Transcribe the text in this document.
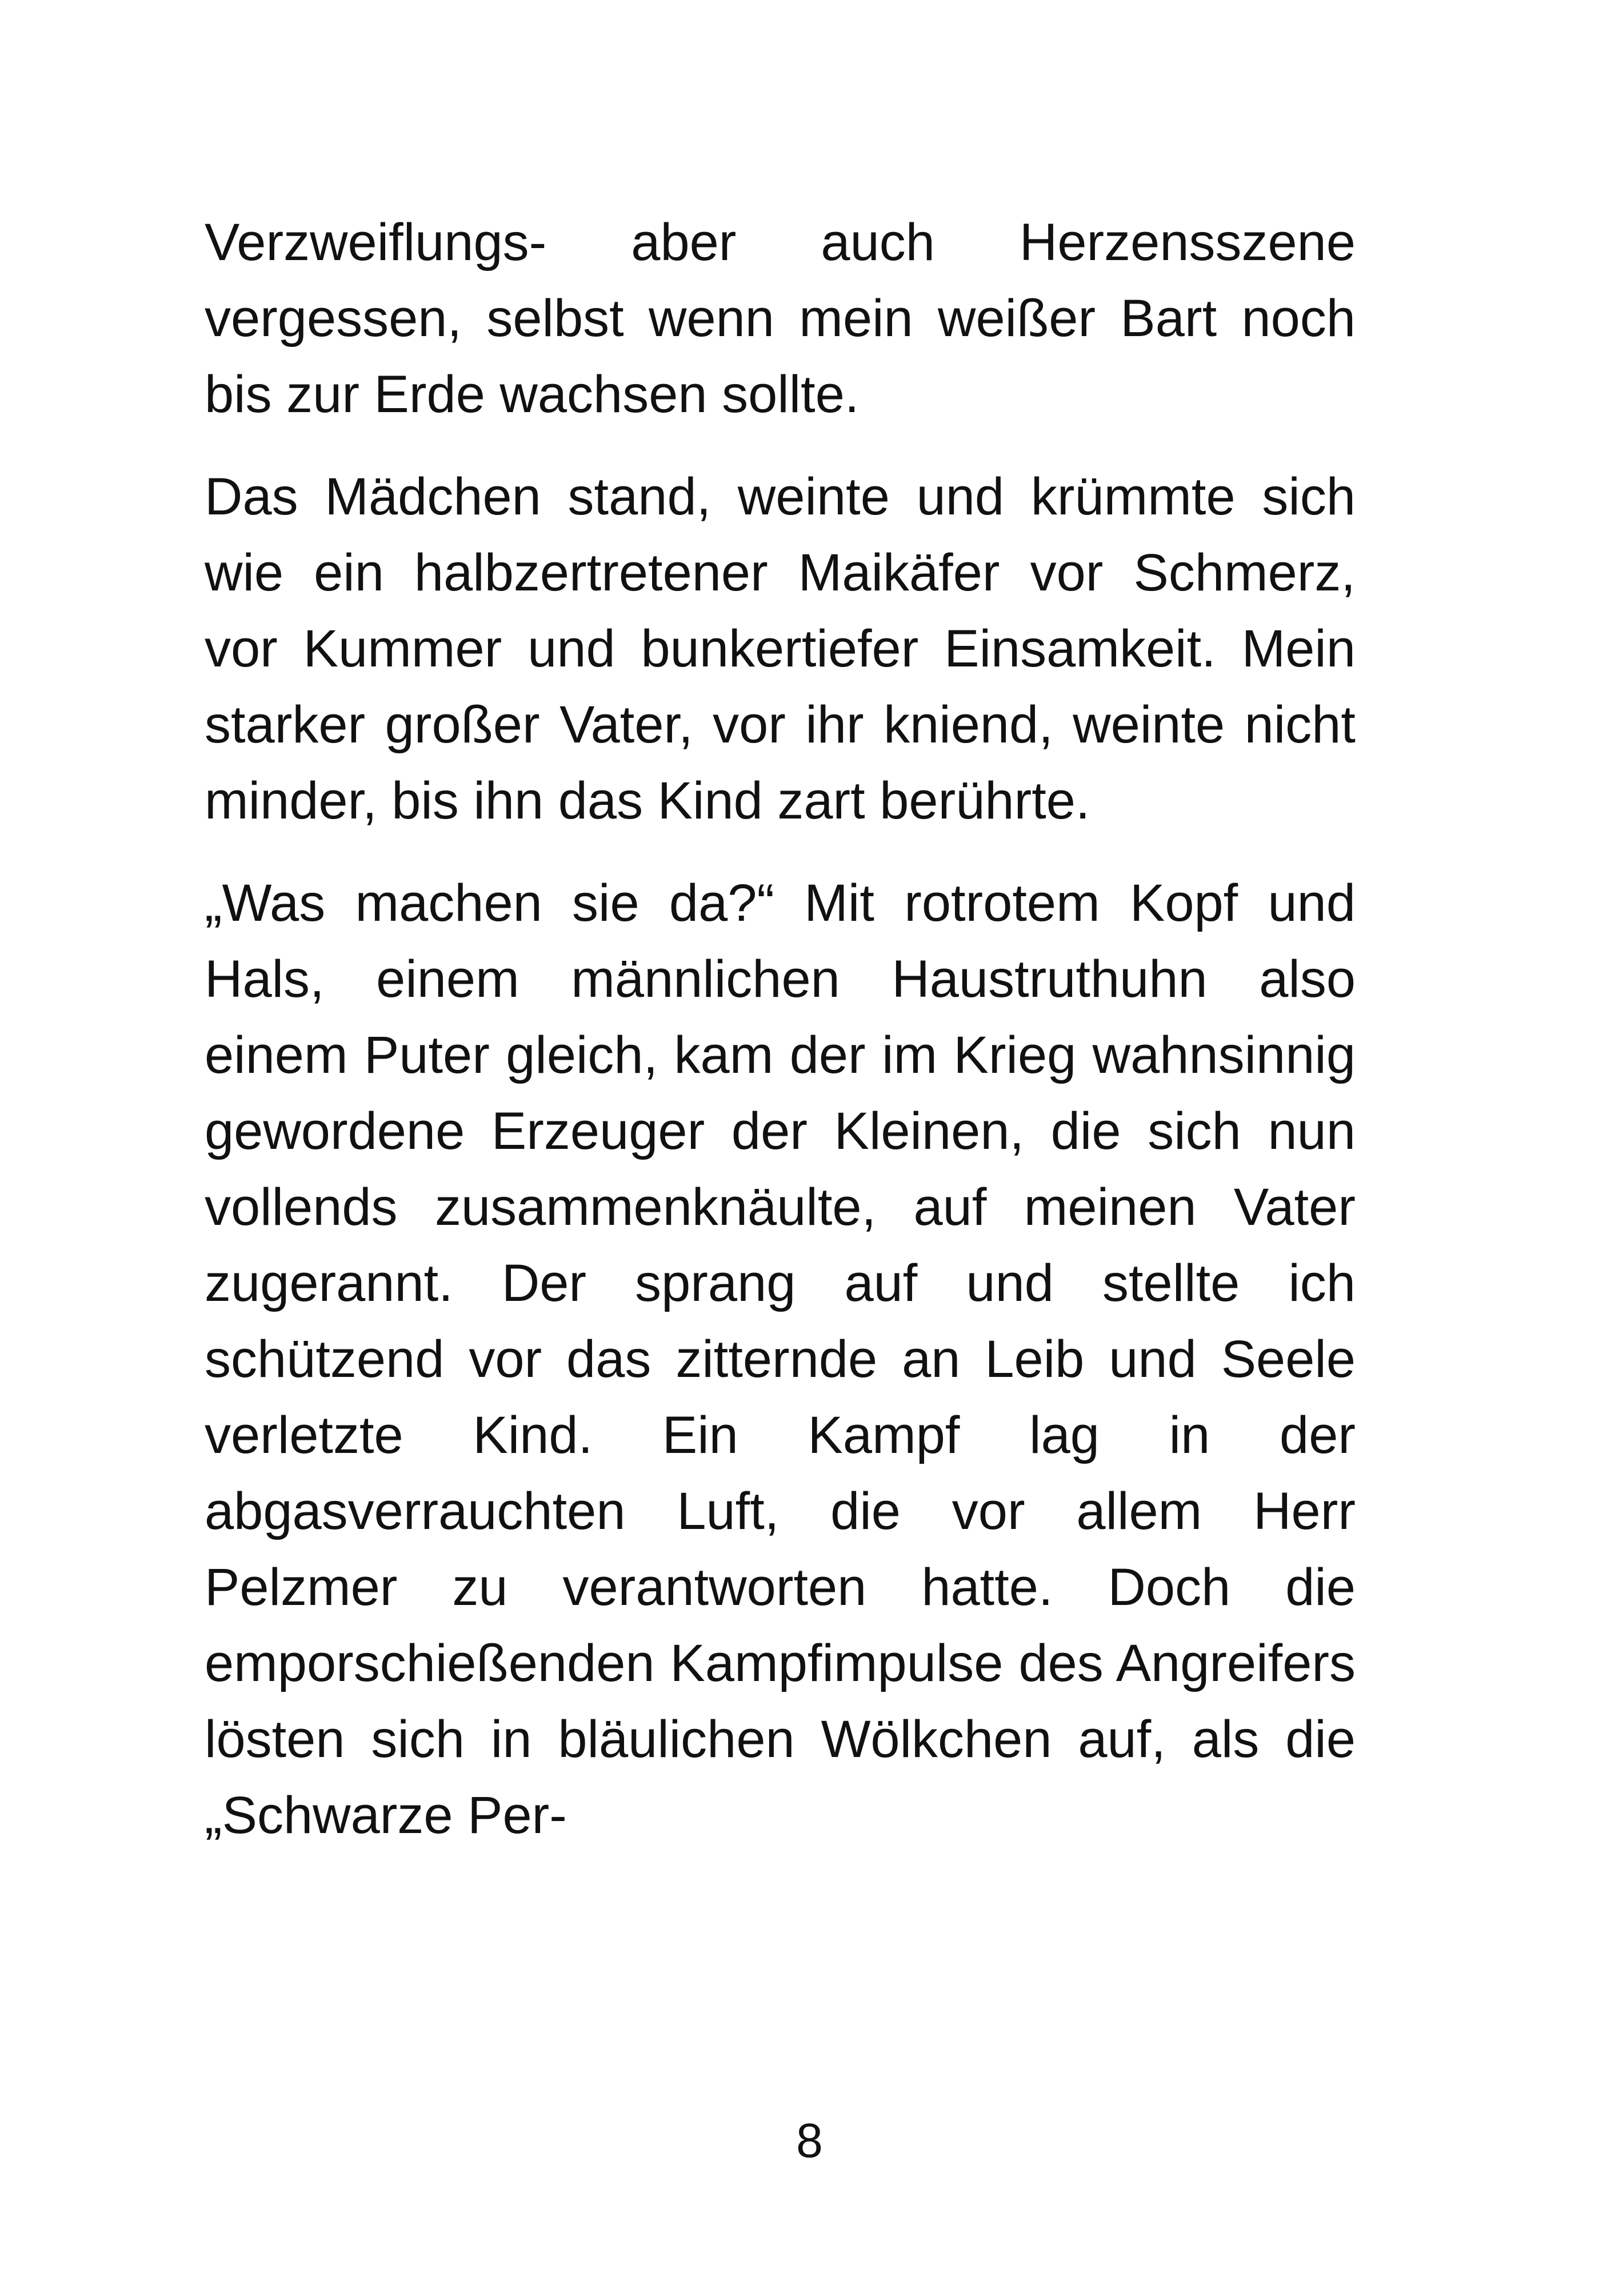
Verzweiflungs- aber auch Herzensszene vergessen, selbst wenn mein weißer Bart noch bis zur Erde wachsen sollte.

Das Mädchen stand, weinte und krümmte sich wie ein halbzertretener Maikäfer vor Schmerz, vor Kummer und bunkertiefer Einsamkeit. Mein starker großer Vater, vor ihr kniend, weinte nicht minder, bis ihn das Kind zart berührte.

„Was machen sie da?“ Mit rotrotem Kopf und Hals, einem männlichen Haustruthuhn also einem Puter gleich, kam der im Krieg wahnsinnig gewordene Erzeuger der Kleinen, die sich nun vollends zusammenknäulte, auf meinen Vater zugerannt. Der sprang auf und stellte ich schützend vor das zitternde an Leib und Seele verletzte Kind. Ein Kampf lag in der abgasverrauchten Luft, die vor allem Herr Pelzmer zu verantworten hatte. Doch die emporschießenden Kampfimpulse des Angreifers lösten sich in bläulichen Wölkchen auf, als die „Schwarze Per-

8
